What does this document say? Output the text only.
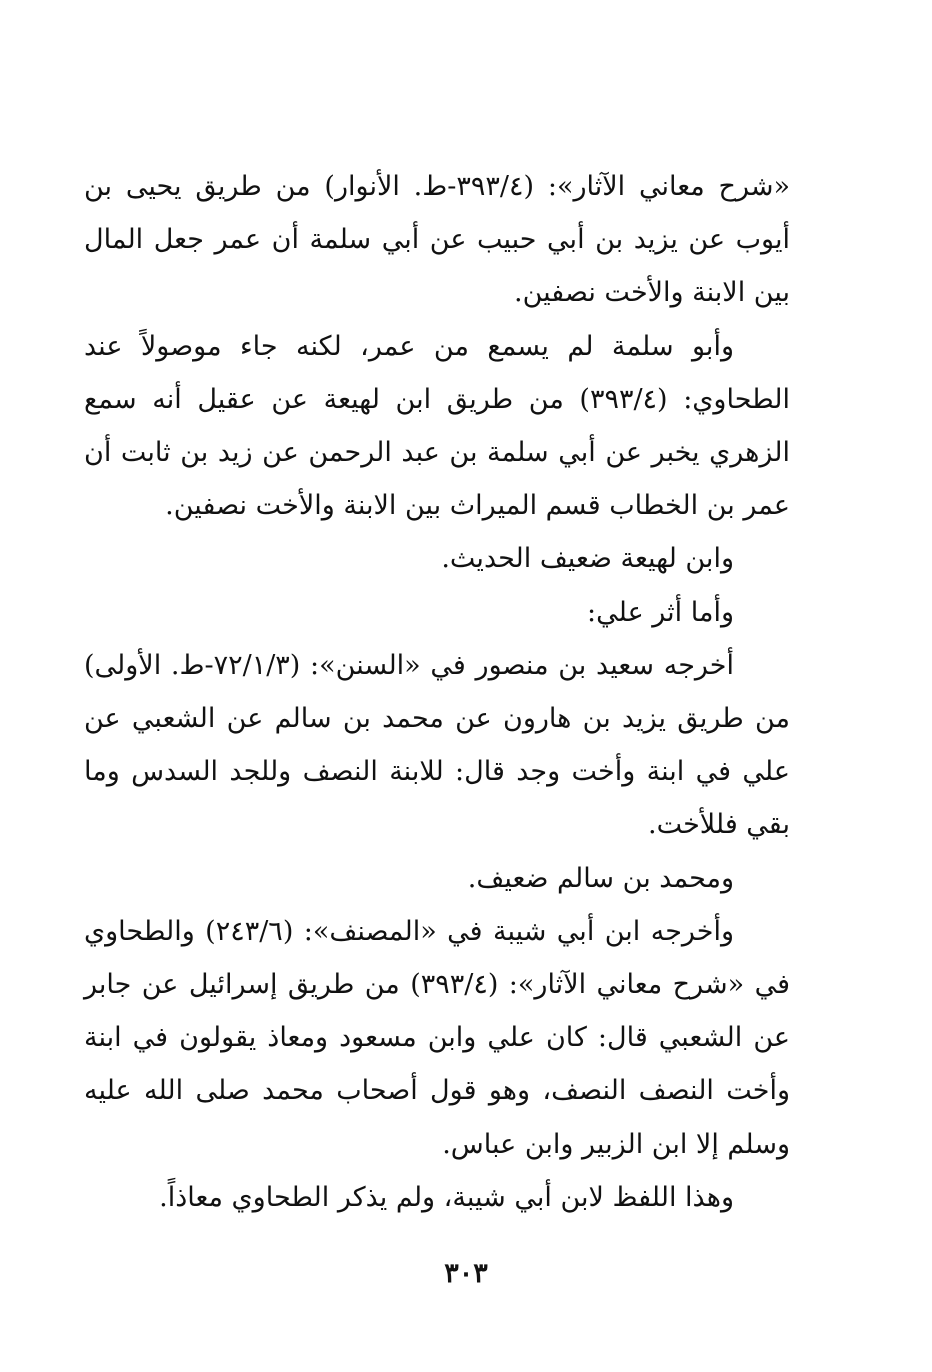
«شرح معاني الآثار»: (٣٩٣/٤-ط. الأنوار) من طريق يحيى بن أيوب عن يزيد بن أبي حبيب عن أبي سلمة أن عمر جعل المال بين الابنة والأخت نصفين.

وأبو سلمة لم يسمع من عمر، لكنه جاء موصولاً عند الطحاوي: (٣٩٣/٤) من طريق ابن لهيعة عن عقيل أنه سمع الزهري يخبر عن أبي سلمة بن عبد الرحمن عن زيد بن ثابت أن عمر بن الخطاب قسم الميراث بين الابنة والأخت نصفين.

وابن لهيعة ضعيف الحديث.

وأما أثر علي:

أخرجه سعيد بن منصور في «السنن»: (٧٢/١/٣-ط. الأولى) من طريق يزيد بن هارون عن محمد بن سالم عن الشعبي عن علي في ابنة وأخت وجد قال: للابنة النصف وللجد السدس وما بقي فللأخت.

ومحمد بن سالم ضعيف.

وأخرجه ابن أبي شيبة في «المصنف»: (٢٤٣/٦) والطحاوي في «شرح معاني الآثار»: (٣٩٣/٤) من طريق إسرائيل عن جابر عن الشعبي قال: كان علي وابن مسعود ومعاذ يقولون في ابنة وأخت النصف النصف، وهو قول أصحاب محمد صلى الله عليه وسلم إلا ابن الزبير وابن عباس.

وهذا اللفظ لابن أبي شيبة، ولم يذكر الطحاوي معاذاً.

٣٠٣
